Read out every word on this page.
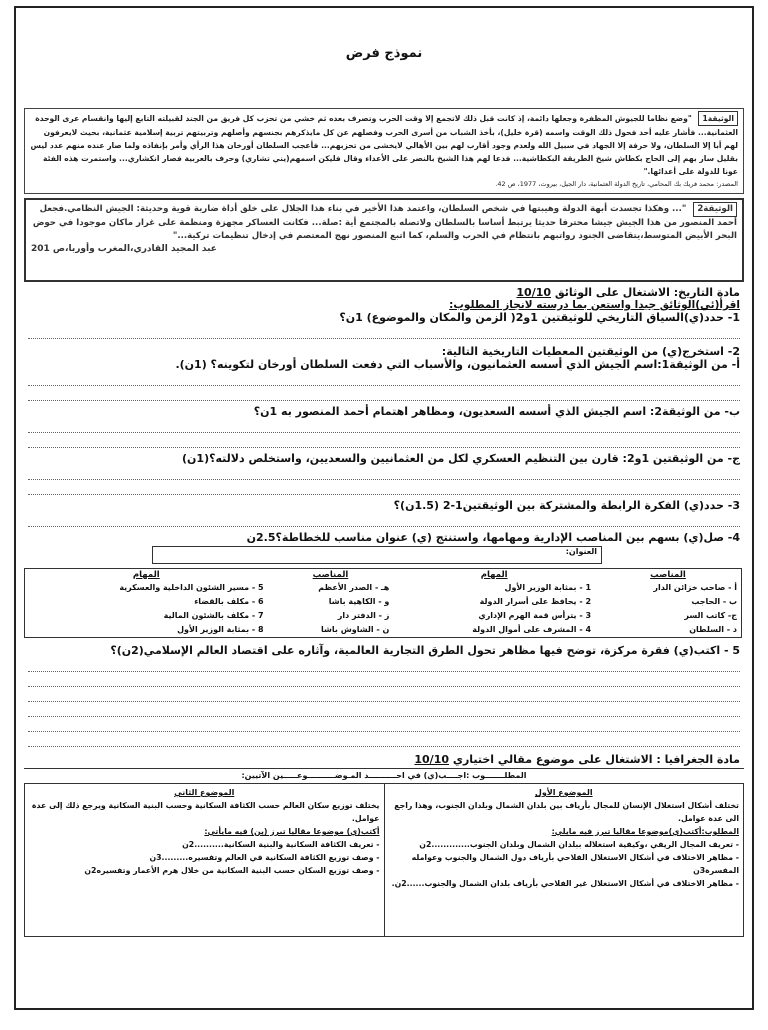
نموذج فرض
الوثيقة1 "وضع نظاما للجيوش المظفرة وجعلها دائمة، إذ كانت قبل ذلك لاتجمع إلا وقت الحرب وتصرف بعده ثم خشي من تحزب كل فريق من الجند لقبيلته التابع إليها وانقسام عرى الوحدة العثمانية... فأشار عليه أحد فحول ذلك الوقت واسمه (قرة خليل)، بأخذ الشباب من أسرى الحرب وفصلهم عن كل مايذكرهم بجنسهم وأصلهم وتربيتهم تربية إسلامية عثمانية، بحيث لايعرفون لهم أبا إلا السلطان، ولا حرفة إلا الجهاد في سبيل الله ولعدم وجود أقارب لهم بين الأهالي لايخشى من تحزبهم... فأعجب السلطان أورخان هذا الرأي وأمر بإنفاذه ولما صار عنده منهم عدد ليس بقليل سار بهم إلى الحاج بكطاش شيخ الطريقة البكطاشية... فدعا لهم هذا الشيخ بالنصر على الأعداء وقال فليكن اسمهم(يني تشاري) وحرف بالعربية فصار انكشاري... واستمرت هذه الفئة عونا للدولة على أعدائها."
المصدر: محمد فريك بك المحامي، تاريخ الدولة العثمانية، دار الجيل، بيروت، 1977، ص 42.
الوثيقة2 "... وهكذا تجسدت أبهة الدولة وهيبتها في شخص السلطان، واعتمد هذا الأخير في بناء هذا الجلال على خلق أداة ضاربة قوية وحديثة: الجيش النظامي.فجعل أحمد المنصور من هذا الجيش جيشا محترفا حديثا يرتبط أساسا بالسلطان ولاتصله بالمجتمع أية :صلة... فكانت العساكر مجهزة ومنظمة على غرار ماكان موجودا في حوض البحر الأبيض المتوسط،يتقاضى الجنود رواتبهم بانتظام في الحرب والسلم، كما اتبع المنصور نهج المعتصم في إدخال تنظيمات تركية..."
عبد المجيد القادري،المغرب وأوربا،ص 201
مادة التاريخ: الاشتغال على الوثائق 10/10
اقرأ(ئي)الوثائق جيدا واستعن بما درسته لانجاز المطلوب:
1- حدد(ي)السياق التاريخي للوثيقتين 1و2( الزمن والمكان والموضوع) 1ن؟
2- استخرج(ي) من الوثيقتين المعطيات التاريخية التالية:
أ- من الوثيقة1:اسم الجيش الذي أسسه العثمانيون، والأسباب التي دفعت السلطان أورخان لتكوينه؟ (1ن).
ب- من الوثيقة2: اسم الجيش الذي أسسه السعديون، ومظاهر اهتمام أحمد المنصور به 1ن؟
ج- من الوثيقتين 1و2: قارن بين التنظيم العسكري لكل من العثمانيين والسعديين، واستخلص دلالته؟(1ن)
3- حدد(ي) الفكرة الرابطة والمشتركة بين الوثيقتين1-2 (1.5ن)؟
4- صل(ي) بسهم بين المناصب الإدارية ومهامها، واستنتج (ي) عنوان مناسب للخطاطة؟2.5ن
العنوان:
المناصب	المهام	المناصب	المهام
أ - صاحب خزائن الدار	1 - بمثابة الوزير الأول	هـ - الصدر الأعظم	5 - مسير الشئون الداخلية والعسكرية
ب - الحاجب	2 - يحافظ على أسرار الدولة	و - الكاهية باشا	6 - مكلف بالقضاء
ج- كاتب السر	3 - يترأس قمة الهرم الإداري	ز - الدفتر دار	7 - مكلف بالشئون المالية
د - السلطان	4 - المشرف على أموال الدولة	ن - الشاوش باشا	8 - بمثابة الوزير الأول
5 - اكتب(ي) فقرة مركزة، توضح فيها مظاهر تحول الطرق التجارية العالمية، وآثاره على اقتصاد العالم الإسلامي(2ن)؟
مادة الجغرافيا : الاشتغال على موضوع مقالي اختياري 10/10
المطلـــــــوب :اجــــب(ي) في احــــــــــد المـوضــــــــــوعـــــين الآتيين:
الموضوع الأول
تختلف أشكال استغلال الإنسان للمجال بأرياف بين بلدان الشمال وبلدان الجنوب، وهذا راجع الى عدة عوامل.
المطلوب:أكتب(ي)موضوعا مقاليا تبرز فيه مايلي:
- تعريف المجال الريفي ،وكيفية استغلاله ببلدان الشمال وبلدان الجنوب.............2ن
- مظاهر الاختلاف في أشكال الاستغلال الفلاحي بأرياف دول الشمال والجنوب وعوامله المفسرة3ن
- مظاهر الاختلاف في أشكال الاستغلال غير الفلاحي بأرياف بلدان الشمال والجنوب......2ن.
الموضوع الثاني
يختلف توزيع سكان العالم حسب الكثافة السكانية وحسب البنية السكانية ويرجع ذلك إلى عدة عوامل.
أكتب(ي) موضوعا مقاليا تبرز (ين) فيه مايأتي:
- تعريف الكثافة السكانية والبنية السكانية..........2ن
- وصف توزيع الكثافة السكانية في العالم وتفسيره.........3ن
- وصف توزيع السكان حسب البنية السكانية من خلال هرم الأعمار وتفسيره2ن
